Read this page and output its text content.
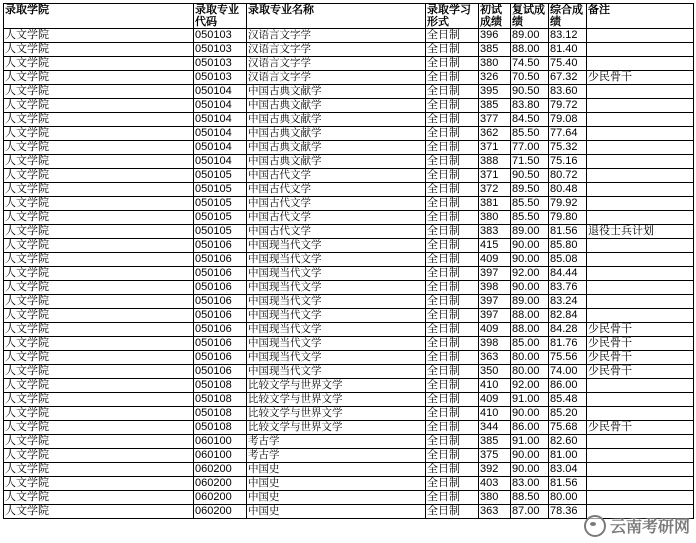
录取学院	录取专业代码	录取专业名称	录取学习形式	初试成绩	复试成绩	综合成绩	备注
人文学院	050103	汉语言文字学	全日制	396	89.00	83.12	
人文学院	050103	汉语言文字学	全日制	385	88.00	81.40	
人文学院	050103	汉语言文字学	全日制	380	74.50	75.40	
人文学院	050103	汉语言文字学	全日制	326	70.50	67.32	少民骨干
人文学院	050104	中国古典文献学	全日制	395	90.50	83.60	
人文学院	050104	中国古典文献学	全日制	385	83.80	79.72	
人文学院	050104	中国古典文献学	全日制	377	84.50	79.08	
人文学院	050104	中国古典文献学	全日制	362	85.50	77.64	
人文学院	050104	中国古典文献学	全日制	371	77.00	75.32	
人文学院	050104	中国古典文献学	全日制	388	71.50	75.16	
人文学院	050105	中国古代文学	全日制	371	90.50	80.72	
人文学院	050105	中国古代文学	全日制	372	89.50	80.48	
人文学院	050105	中国古代文学	全日制	381	85.50	79.92	
人文学院	050105	中国古代文学	全日制	380	85.50	79.80	
人文学院	050105	中国古代文学	全日制	383	89.00	81.56	退役士兵计划
人文学院	050106	中国现当代文学	全日制	415	90.00	85.80	
人文学院	050106	中国现当代文学	全日制	409	90.00	85.08	
人文学院	050106	中国现当代文学	全日制	397	92.00	84.44	
人文学院	050106	中国现当代文学	全日制	398	90.00	83.76	
人文学院	050106	中国现当代文学	全日制	397	89.00	83.24	
人文学院	050106	中国现当代文学	全日制	397	88.00	82.84	
人文学院	050106	中国现当代文学	全日制	409	88.00	84.28	少民骨干
人文学院	050106	中国现当代文学	全日制	398	85.00	81.76	少民骨干
人文学院	050106	中国现当代文学	全日制	363	80.00	75.56	少民骨干
人文学院	050106	中国现当代文学	全日制	350	80.00	74.00	少民骨干
人文学院	050108	比较文学与世界文学	全日制	410	92.00	86.00	
人文学院	050108	比较文学与世界文学	全日制	409	91.00	85.48	
人文学院	050108	比较文学与世界文学	全日制	410	90.00	85.20	
人文学院	050108	比较文学与世界文学	全日制	344	86.00	75.68	少民骨干
人文学院	060100	考古学	全日制	385	91.00	82.60	
人文学院	060100	考古学	全日制	375	90.00	81.00	
人文学院	060200	中国史	全日制	392	90.00	83.04	
人文学院	060200	中国史	全日制	403	83.00	81.56	
人文学院	060200	中国史	全日制	380	88.50	80.00	
人文学院	060200	中国史	全日制	363	87.00	78.36	
云南考研网
